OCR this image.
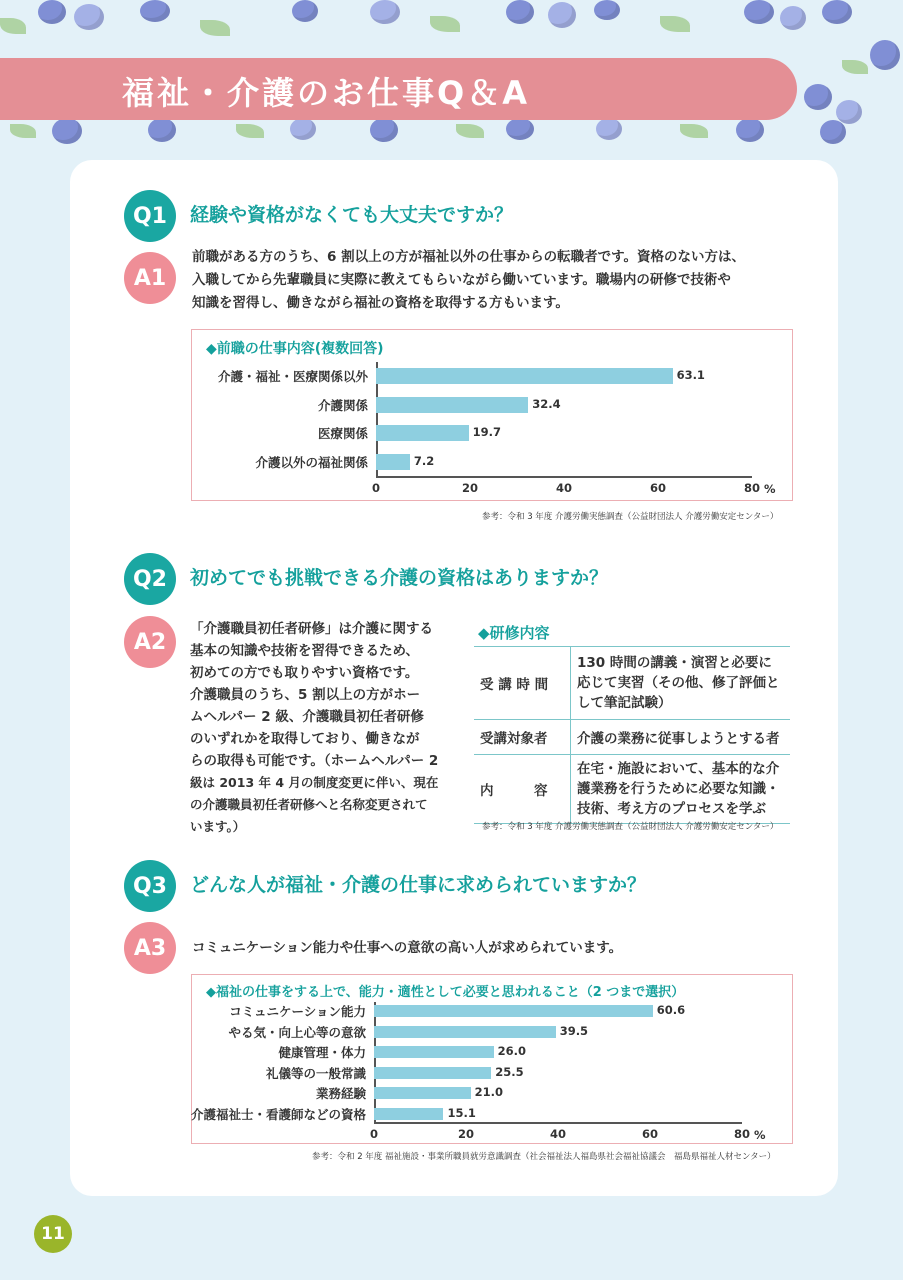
福祉・介護のお仕事Q＆A
Q1	経験や資格がなくても大丈夫ですか？
A1
前職がある方のうち、6 割以上の方が福祉以外の仕事からの転職者です。資格のない方は、
入職してから先輩職員に実際に教えてもらいながら働いています。職場内の研修で技術や
知識を習得し、働きながら福祉の資格を取得する方もいます。
◆前職の仕事内容(複数回答)
介護・福祉・医療関係以外	63.1
介護関係	32.4
医療関係	19.7
介護以外の福祉関係	7.2
0	20	40	60	80 %
参考：令和 3 年度 介護労働実態調査（公益財団法人 介護労働安定センター）
Q2	初めてでも挑戦できる介護の資格はありますか？
A2
「介護職員初任者研修」は介護に関する
基本の知識や技術を習得できるため、
初めての方でも取りやすい資格です。
介護職員のうち、5 割以上の方がホー
ムヘルパー 2 級、介護職員初任者研修
のいずれかを取得しており、働きなが
らの取得も可能です。（ホームヘルパー 2
級は 2013 年 4 月の制度変更に伴い、現在
の介護職員初任者研修へと名称変更されて
います。）
◆研修内容
受 講 時 間	130 時間の講義・演習と必要に応じて実習（その他、修了評価として筆記試験）
受講対象者	介護の業務に従事しようとする者
内　　　容	在宅・施設において、基本的な介護業務を行うために必要な知識・技術、考え方のプロセスを学ぶ
参考：令和 3 年度 介護労働実態調査（公益財団法人 介護労働安定センター）
Q3	どんな人が福祉・介護の仕事に求められていますか？
A3	コミュニケーション能力や仕事への意欲の高い人が求められています。
◆福祉の仕事をする上で、能力・適性として必要と思われること（2 つまで選択）
コミュニケーション能力	60.6
やる気・向上心等の意欲	39.5
健康管理・体力	26.0
礼儀等の一般常識	25.5
業務経験	21.0
介護福祉士・看護師などの資格	15.1
0	20	40	60	80 %
参考：令和 2 年度 福祉施設・事業所職員就労意識調査（社会福祉法人福島県社会福祉協議会　福島県福祉人材センター）
11
